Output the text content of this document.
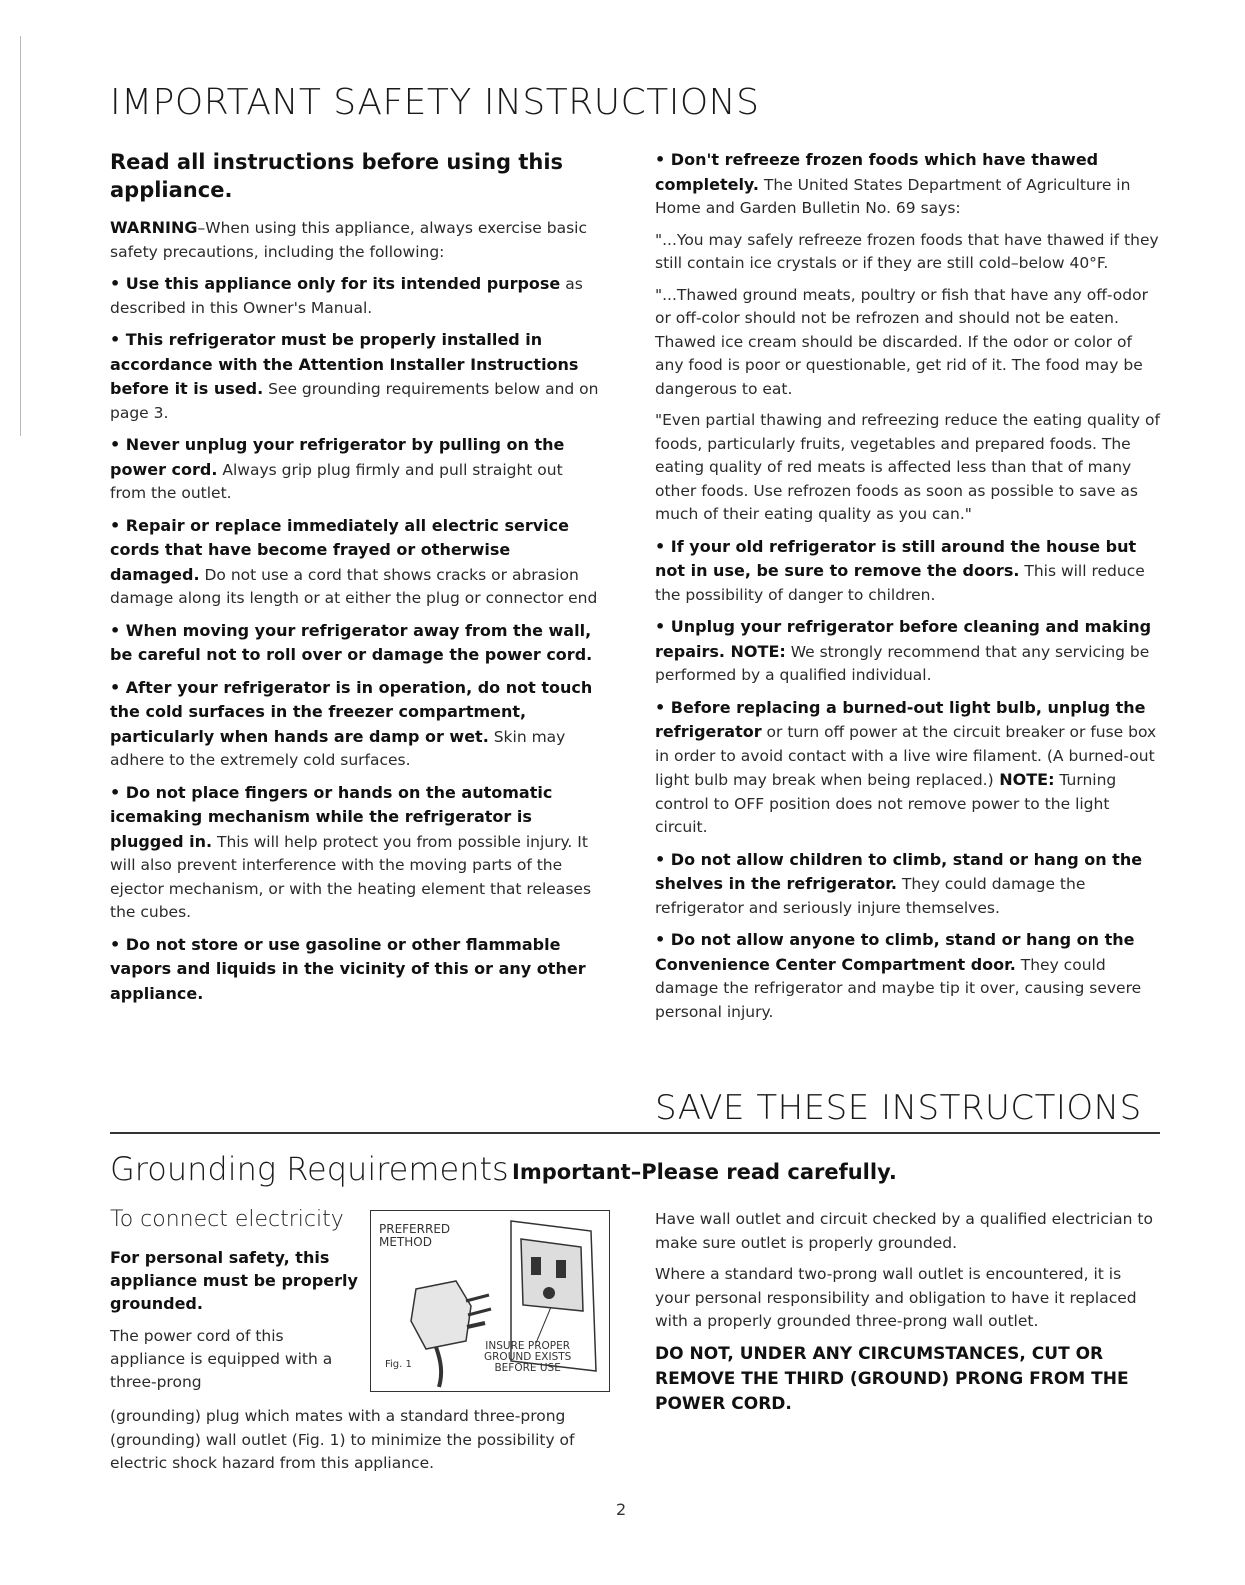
IMPORTANT SAFETY INSTRUCTIONS
Read all instructions before using this appliance.

WARNING–When using this appliance, always exercise basic safety precautions, including the following:

• Use this appliance only for its intended purpose as described in this Owner's Manual.

• This refrigerator must be properly installed in accordance with the Attention Installer Instructions before it is used. See grounding requirements below and on page 3.

• Never unplug your refrigerator by pulling on the power cord. Always grip plug firmly and pull straight out from the outlet.

• Repair or replace immediately all electric service cords that have become frayed or otherwise damaged. Do not use a cord that shows cracks or abrasion damage along its length or at either the plug or connector end

• When moving your refrigerator away from the wall, be careful not to roll over or damage the power cord.

• After your refrigerator is in operation, do not touch the cold surfaces in the freezer compartment, particularly when hands are damp or wet. Skin may adhere to the extremely cold surfaces.

• Do not place fingers or hands on the automatic icemaking mechanism while the refrigerator is plugged in. This will help protect you from possible injury. It will also prevent interference with the moving parts of the ejector mechanism, or with the heating element that releases the cubes.

• Do not store or use gasoline or other flammable vapors and liquids in the vicinity of this or any other appliance.

• Don't refreeze frozen foods which have thawed completely. The United States Department of Agriculture in Home and Garden Bulletin No. 69 says:

"...You may safely refreeze frozen foods that have thawed if they still contain ice crystals or if they are still cold–below 40°F.

"...Thawed ground meats, poultry or fish that have any off-odor or off-color should not be refrozen and should not be eaten. Thawed ice cream should be discarded. If the odor or color of any food is poor or questionable, get rid of it. The food may be dangerous to eat.

"Even partial thawing and refreezing reduce the eating quality of foods, particularly fruits, vegetables and prepared foods. The eating quality of red meats is affected less than that of many other foods. Use refrozen foods as soon as possible to save as much of their eating quality as you can."

• If your old refrigerator is still around the house but not in use, be sure to remove the doors. This will reduce the possibility of danger to children.

• Unplug your refrigerator before cleaning and making repairs. NOTE: We strongly recommend that any servicing be performed by a qualified individual.

• Before replacing a burned-out light bulb, unplug the refrigerator or turn off power at the circuit breaker or fuse box in order to avoid contact with a live wire filament. (A burned-out light bulb may break when being replaced.) NOTE: Turning control to OFF position does not remove power to the light circuit.

• Do not allow children to climb, stand or hang on the shelves in the refrigerator. They could damage the refrigerator and seriously injure themselves.

• Do not allow anyone to climb, stand or hang on the Convenience Center Compartment door. They could damage the refrigerator and maybe tip it over, causing severe personal injury.

SAVE THESE INSTRUCTIONS
Grounding Requirements Important–Please read carefully.
To connect electricity
For personal safety, this appliance must be properly grounded.
The power cord of this appliance is equipped with a three-prong
(grounding) plug which mates with a standard three-prong (grounding) wall outlet (Fig. 1) to minimize the possibility of electric shock hazard from this appliance.
PREFERRED
METHOD
INSURE PROPER
GROUND EXISTS
BEFORE USE
Fig. 1

Have wall outlet and circuit checked by a qualified electrician to make sure outlet is properly grounded.

Where a standard two-prong wall outlet is encountered, it is your personal responsibility and obligation to have it replaced with a properly grounded three-prong wall outlet.

DO NOT, UNDER ANY CIRCUMSTANCES, CUT OR REMOVE THE THIRD (GROUND) PRONG FROM THE POWER CORD.
2
